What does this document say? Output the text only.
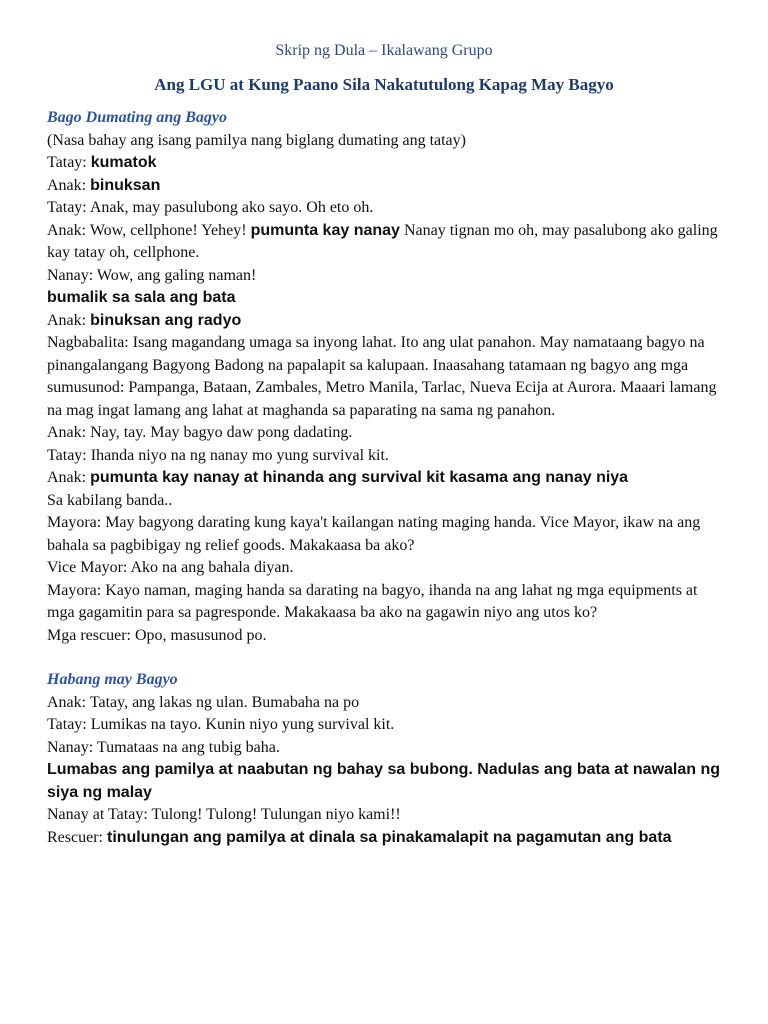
Skrip ng Dula – Ikalawang Grupo
Ang LGU at Kung Paano Sila Nakatutulong Kapag May Bagyo

Bago Dumating ang Bagyo

(Nasa bahay ang isang pamilya nang biglang dumating ang tatay)

Tatay: kumatok

Anak: binuksan

Tatay: Anak, may pasulubong ako sayo. Oh eto oh.

Anak: Wow, cellphone! Yehey! pumunta kay nanay Nanay tignan mo oh, may pasalubong ako galing kay tatay oh, cellphone.

Nanay: Wow, ang galing naman!

bumalik sa sala ang bata

Anak: binuksan ang radyo

Nagbabalita: Isang magandang umaga sa inyong lahat. Ito ang ulat panahon. May namataang bagyo na pinangalangang Bagyong Badong na papalapit sa kalupaan. Inaasahang tatamaan ng bagyo ang mga sumusunod: Pampanga, Bataan, Zambales, Metro Manila, Tarlac, Nueva Ecija at Aurora. Maaari lamang na mag ingat lamang ang lahat at maghanda sa paparating na sama ng panahon.

Anak: Nay, tay. May bagyo daw pong dadating.

Tatay: Ihanda niyo na ng nanay mo yung survival kit.

Anak: pumunta kay nanay at hinanda ang survival kit kasama ang nanay niya

Sa kabilang banda..

Mayora: May bagyong darating kung kaya't kailangan nating maging handa. Vice Mayor, ikaw na ang bahala sa pagbibigay ng relief goods. Makakaasa ba ako?

Vice Mayor: Ako na ang bahala diyan.

Mayora: Kayo naman, maging handa sa darating na bagyo, ihanda na ang lahat ng mga equipments at mga gagamitin para sa pagresponde. Makakaasa ba ako na gagawin niyo ang utos ko?

Mga rescuer: Opo, masusunod po.

Habang may Bagyo

Anak: Tatay, ang lakas ng ulan. Bumabaha na po

Tatay: Lumikas na tayo. Kunin niyo yung survival kit.

Nanay: Tumataas na ang tubig baha.

Lumabas ang pamilya at naabutan ng bahay sa bubong. Nadulas ang bata at nawalan ng siya ng malay

Nanay at Tatay: Tulong! Tulong! Tulungan niyo kami!!

Rescuer: tinulungan ang pamilya at dinala sa pinakamalapit na pagamutan ang bata
